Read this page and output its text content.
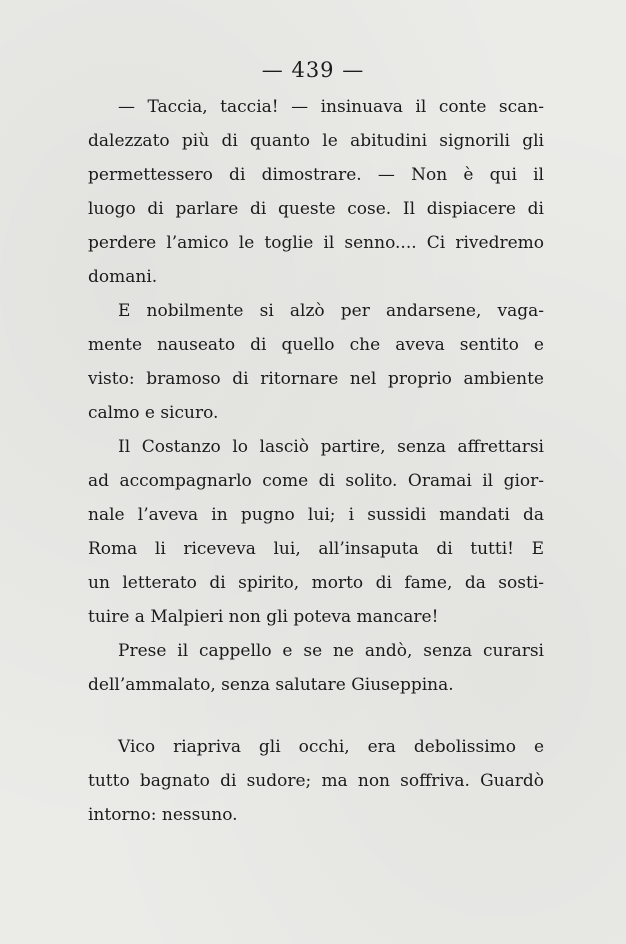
— 439 —
— Taccia, taccia! — insinuava il conte scan-
dalezzato più di quanto le abitudini signorili gli
permettessero di dimostrare. — Non è qui il
luogo di parlare di queste cose. Il dispiacere di
perdere l’amico le toglie il senno.... Ci rivedremo
domani.
E nobilmente si alzò per andarsene, vaga-
mente nauseato di quello che aveva sentito e
visto: bramoso di ritornare nel proprio ambiente
calmo e sicuro.
Il Costanzo lo lasciò partire, senza affrettarsi
ad accompagnarlo come di solito. Oramai il gior-
nale l’aveva in pugno lui; i sussidi mandati da
Roma li riceveva lui, all’insaputa di tutti! E
un letterato di spirito, morto di fame, da sosti-
tuire a Malpieri non gli poteva mancare!
Prese il cappello e se ne andò, senza curarsi
dell’ammalato, senza salutare Giuseppina.
Vico riapriva gli occhi, era debolissimo e
tutto bagnato di sudore; ma non soffriva. Guardò
intorno: nessuno.
